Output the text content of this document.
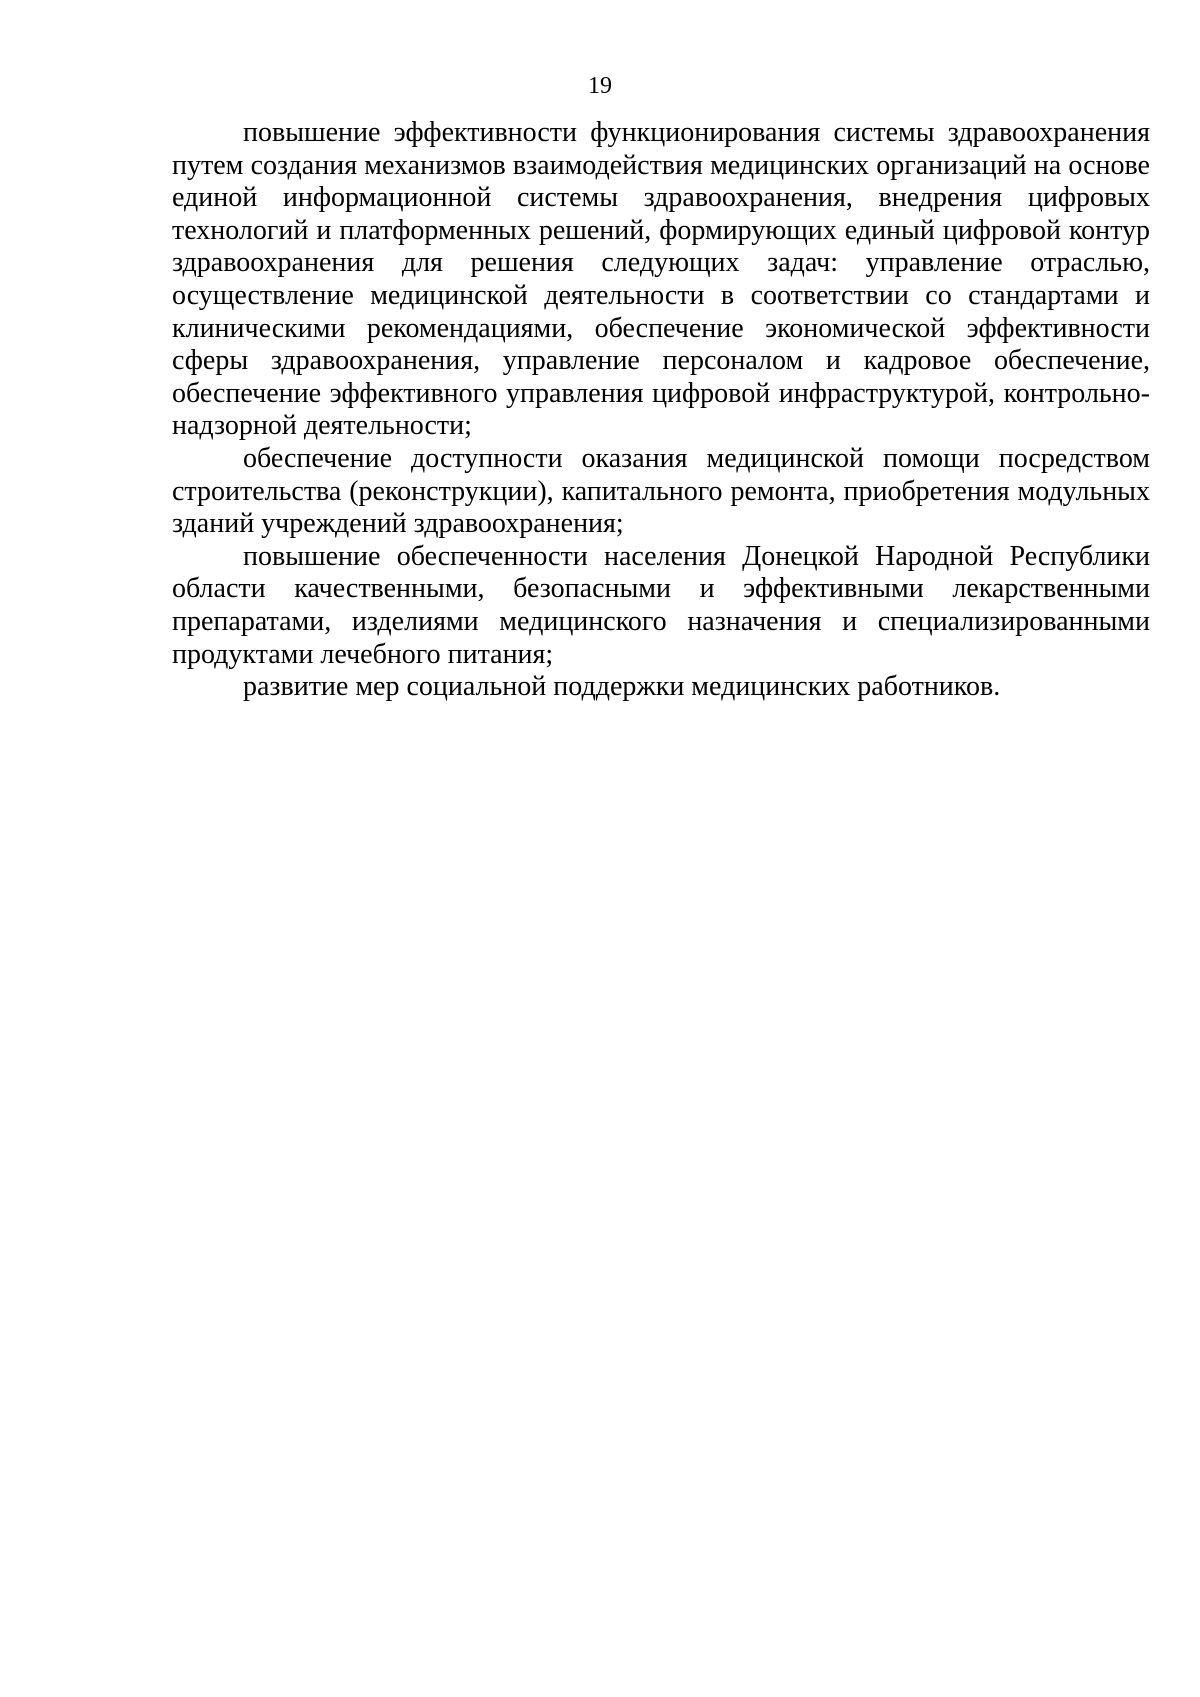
19

повышение эффективности функционирования системы здравоохранения путем создания механизмов взаимодействия медицинских организаций на основе единой информационной системы здравоохранения, внедрения цифровых технологий и платформенных решений, формирующих единый цифровой контур здравоохранения для решения следующих задач: управление отраслью, осуществление медицинской деятельности в соответствии со стандартами и клиническими рекомендациями, обеспечение экономической эффективности сферы здравоохранения, управление персоналом и кадровое обеспечение, обеспечение эффективного управления цифровой инфраструктурой, контрольно-надзорной деятельности;

обеспечение доступности оказания медицинской помощи посредством строительства (реконструкции), капитального ремонта, приобретения модульных зданий учреждений здравоохранения;

повышение обеспеченности населения Донецкой Народной Республики области качественными, безопасными и эффективными лекарственными препаратами, изделиями медицинского назначения и специализированными продуктами лечебного питания;

развитие мер социальной поддержки медицинских работников.
